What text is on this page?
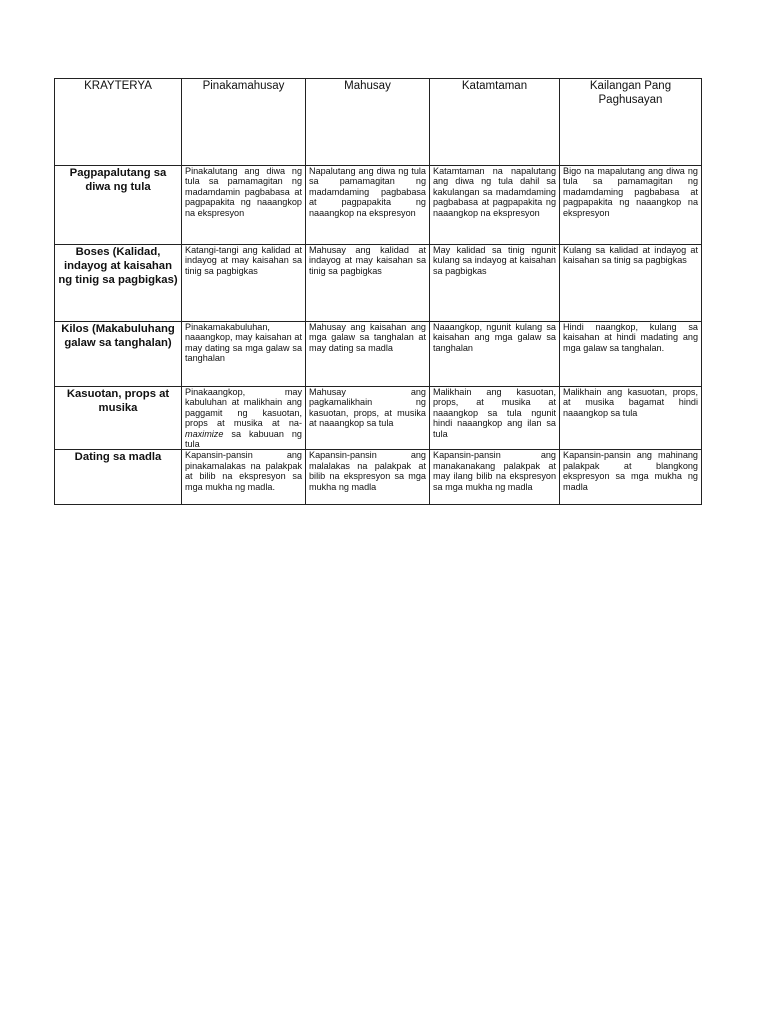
KRAYTERYA	Pinakamahusay	Mahusay	Katamtaman	Kailangan Pang Paghusayan
Pagpapalutang sa diwa ng tula	Pinakalutang ang diwa ng tula sa pamamagitan ng madamdamin pagbabasa at pagpapakita ng naaangkop na ekspresyon	Napalutang ang diwa ng tula sa pamamagitan ng madamdaming pagbabasa at pagpapakita ng naaangkop na ekspresyon	Katamtaman na napalutang ang diwa ng tula dahil sa kakulangan sa madamdaming pagbabasa at pagpapakita ng naaangkop na ekspresyon	Bigo na mapalutang ang diwa ng tula sa pamamagitan ng madamdaming pagbabasa at pagpapakita ng naaangkop na ekspresyon
Boses (Kalidad, indayog at kaisahan ng tinig sa pagbigkas)	Katangi-tangi ang kalidad at indayog at may kaisahan sa tinig sa pagbigkas	Mahusay ang kalidad at indayog at may kaisahan sa tinig sa pagbigkas	May kalidad sa tinig ngunit kulang sa indayog at kaisahan sa pagbigkas	Kulang sa kalidad at indayog at kaisahan sa tinig sa pagbigkas
Kilos (Makabuluhang galaw sa tanghalan)	Pinakamakabuluhan, naaangkop, may kaisahan at may dating sa mga galaw sa tanghalan	Mahusay ang kaisahan ang mga galaw sa tanghalan at may dating sa madla	Naaangkop, ngunit kulang sa kaisahan ang mga galaw sa tanghalan	Hindi naangkop, kulang sa kaisahan at hindi madating ang mga galaw sa tanghalan.
Kasuotan, props at musika	Pinakaangkop, may kabuluhan at malikhain ang paggamit ng kasuotan, props at musika at na-maximize sa kabuuan ng tula	Mahusay ang pagkamalikhain ng kasuotan, props, at musika at naaangkop sa tula	Malikhain ang kasuotan, props, at musika at naaangkop sa tula ngunit hindi naaangkop ang ilan sa tula	Malikhain ang kasuotan, props, at musika bagamat hindi naaangkop sa tula
Dating sa madla	Kapansin-pansin ang pinakamalakas na palakpak at bilib na ekspresyon sa mga mukha ng madla.	Kapansin-pansin ang malalakas na palakpak at bilib na ekspresyon sa mga mukha ng madla	Kapansin-pansin ang manakanakang palakpak at may ilang bilib na ekspresyon sa mga mukha ng madla	Kapansin-pansin ang mahinang palakpak at blangkong ekspresyon sa mga mukha ng madla
